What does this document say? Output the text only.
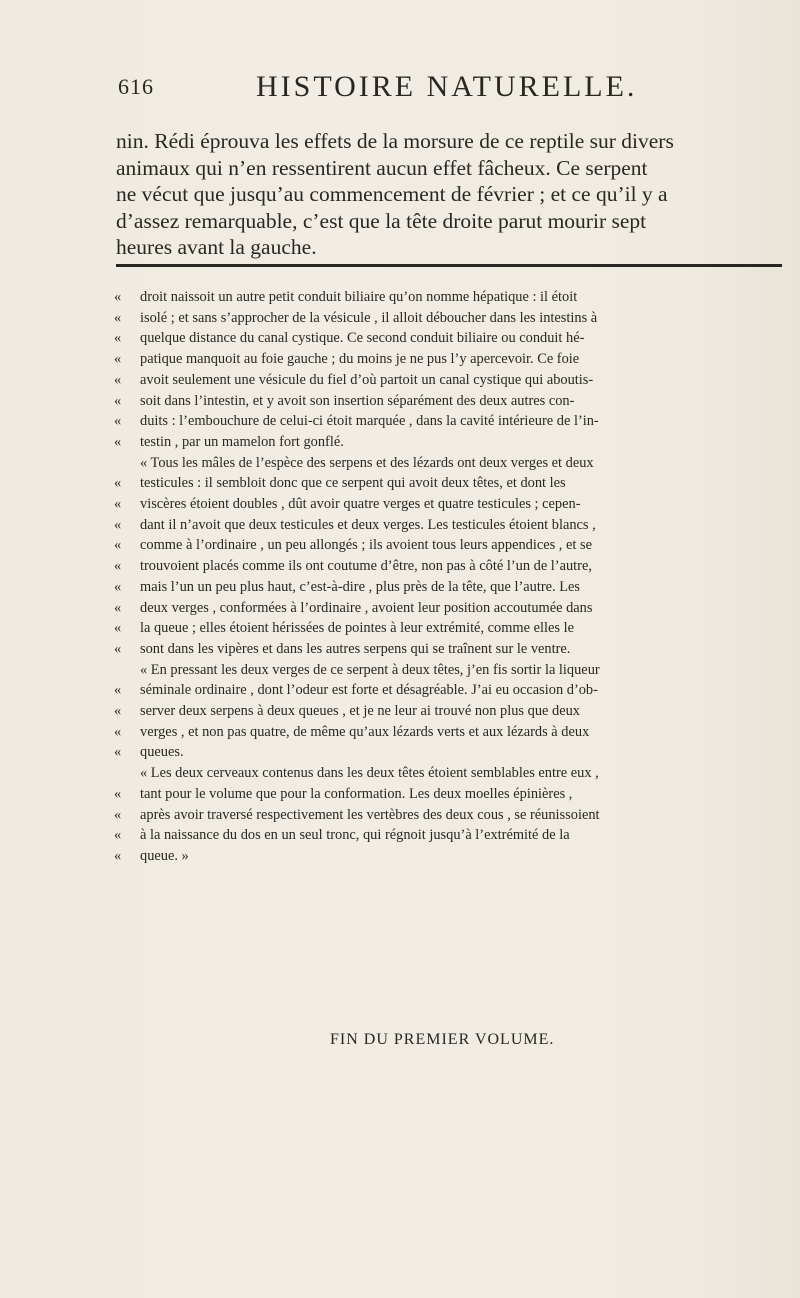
616	HISTOIRE NATURELLE.
nin. Rédi éprouva les effets de la morsure de ce reptile sur divers
animaux qui n’en ressentirent aucun effet fâcheux. Ce serpent
ne vécut que jusqu’au commencement de février ; et ce qu’il y a
d’assez remarquable, c’est que la tête droite parut mourir sept
heures avant la gauche.
« droit naissoit un autre petit conduit biliaire qu’on nomme hépatique : il étoit
« isolé ; et sans s’approcher de la vésicule , il alloit déboucher dans les intestins à
« quelque distance du canal cystique. Ce second conduit biliaire ou conduit hé-
« patique manquoit au foie gauche ; du moins je ne pus l’y apercevoir. Ce foie
« avoit seulement une vésicule du fiel d’où partoit un canal cystique qui aboutis-
« soit dans l’intestin, et y avoit son insertion séparément des deux autres con-
« duits : l’embouchure de celui-ci étoit marquée , dans la cavité intérieure de l’in-
« testin , par un mamelon fort gonflé.
« Tous les mâles de l’espèce des serpens et des lézards ont deux verges et deux
« testicules : il sembloit donc que ce serpent qui avoit deux têtes, et dont les
« viscères étoient doubles , dût avoir quatre verges et quatre testicules ; cepen-
« dant il n’avoit que deux testicules et deux verges. Les testicules étoient blancs ,
« comme à l’ordinaire , un peu allongés ; ils avoient tous leurs appendices , et se
« trouvoient placés comme ils ont coutume d’être, non pas à côté l’un de l’autre,
« mais l’un un peu plus haut, c’est-à-dire , plus près de la tête, que l’autre. Les
« deux verges , conformées à l’ordinaire , avoient leur position accoutumée dans
« la queue ; elles étoient hérissées de pointes à leur extrémité, comme elles le
« sont dans les vipères et dans les autres serpens qui se traînent sur le ventre.
« En pressant les deux verges de ce serpent à deux têtes, j’en fis sortir la liqueur
« séminale ordinaire , dont l’odeur est forte et désagréable. J’ai eu occasion d’ob-
« server deux serpens à deux queues , et je ne leur ai trouvé non plus que deux
« verges , et non pas quatre, de même qu’aux lézards verts et aux lézards à deux
« queues.
« Les deux cerveaux contenus dans les deux têtes étoient semblables entre eux ,
« tant pour le volume que pour la conformation. Les deux moelles épinières ,
« après avoir traversé respectivement les vertèbres des deux cous , se réunissoient
« à la naissance du dos en un seul tronc, qui régnoit jusqu’à l’extrémité de la
« queue. »
FIN DU PREMIER VOLUME.
